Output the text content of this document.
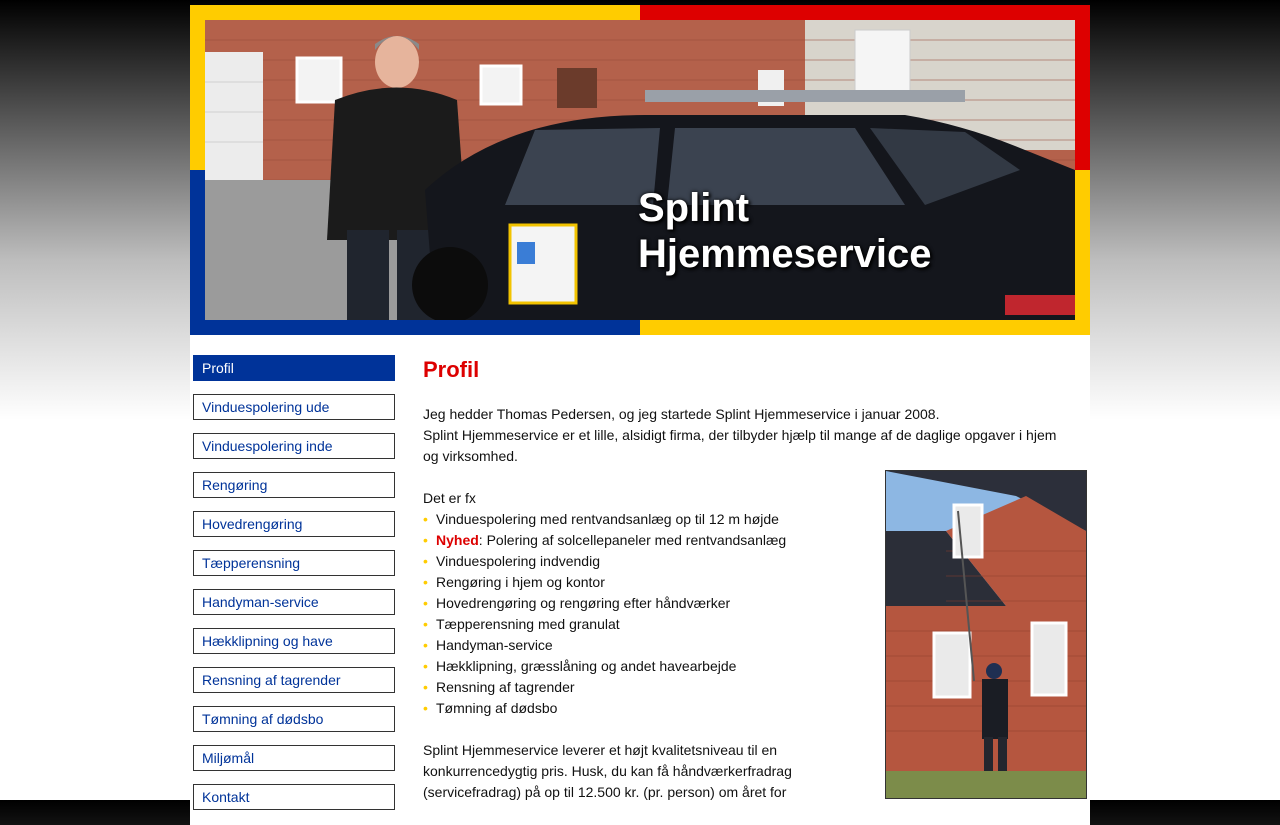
Splint
Hjemmeservice
Profil
Vinduespolering ude
Vinduespolering inde
Rengøring
Hovedrengøring
Tæpperensning
Handyman-service
Hækklipning og have
Rensning af tagrender
Tømning af dødsbo
Miljømål
Kontakt
Profil

Jeg hedder Thomas Pedersen, og jeg startede Splint Hjemmeservice i januar 2008.

Splint Hjemmeservice er et lille, alsidigt firma, der tilbyder hjælp til mange af de daglige opgaver i hjem og virksomhed.

Det er fx

• Vinduespolering med rentvandsanlæg op til 12 m højde
• Nyhed: Polering af solcellepaneler med rentvandsanlæg
• Vinduespolering indvendig
• Rengøring i hjem og kontor
• Hovedrengøring og rengøring efter håndværker
• Tæpperensning med granulat
• Handyman-service
• Hækklipning, græsslåning og andet havearbejde
• Rensning af tagrender
• Tømning af dødsbo

Splint Hjemmeservice leverer et højt kvalitetsniveau til en konkurrencedygtig pris. Husk, du kan få håndværkerfradrag (servicefradrag) på op til 12.500 kr. (pr. person) om året for
